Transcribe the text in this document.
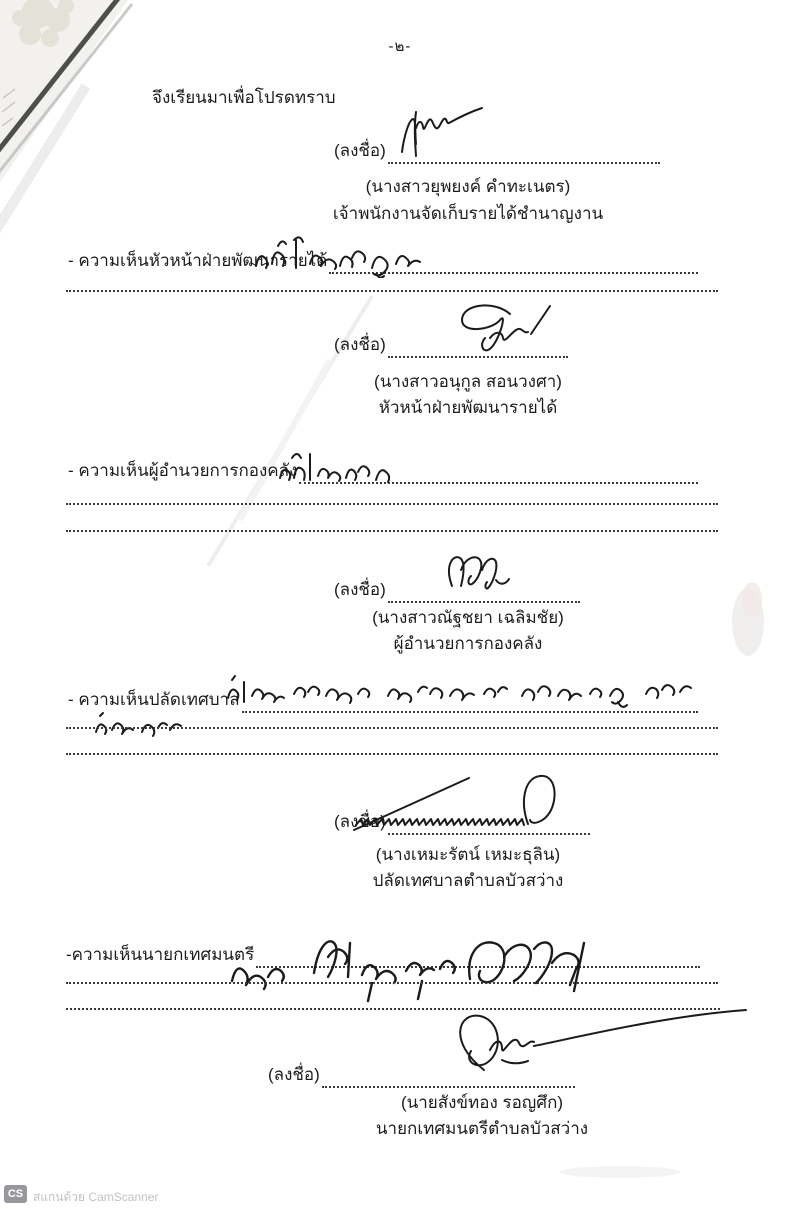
-๒-
จึงเรียนมาเพื่อโปรดทราบ
(ลงชื่อ)
(นางสาวยุพยงค์ คำทะเนตร)
เจ้าพนักงานจัดเก็บรายได้ชำนาญงาน
- ความเห็นหัวหน้าฝ่ายพัฒนารายได้
(ลงชื่อ)
(นางสาวอนุกูล สอนวงศา)
หัวหน้าฝ่ายพัฒนารายได้
- ความเห็นผู้อำนวยการกองคลัง
(ลงชื่อ)
(นางสาวณัฐชยา เฉลิมชัย)
ผู้อำนวยการกองคลัง
- ความเห็นปลัดเทศบาล
(ลงชื่อ)
(นางเหมะรัตน์ เหมะธุลิน)
ปลัดเทศบาลตำบลบัวสว่าง
-ความเห็นนายกเทศมนตรี
(ลงชื่อ)
(นายสังข์ทอง รอญศึก)
นายกเทศมนตรีตำบลบัวสว่าง
CS สแกนด้วย CamScanner
